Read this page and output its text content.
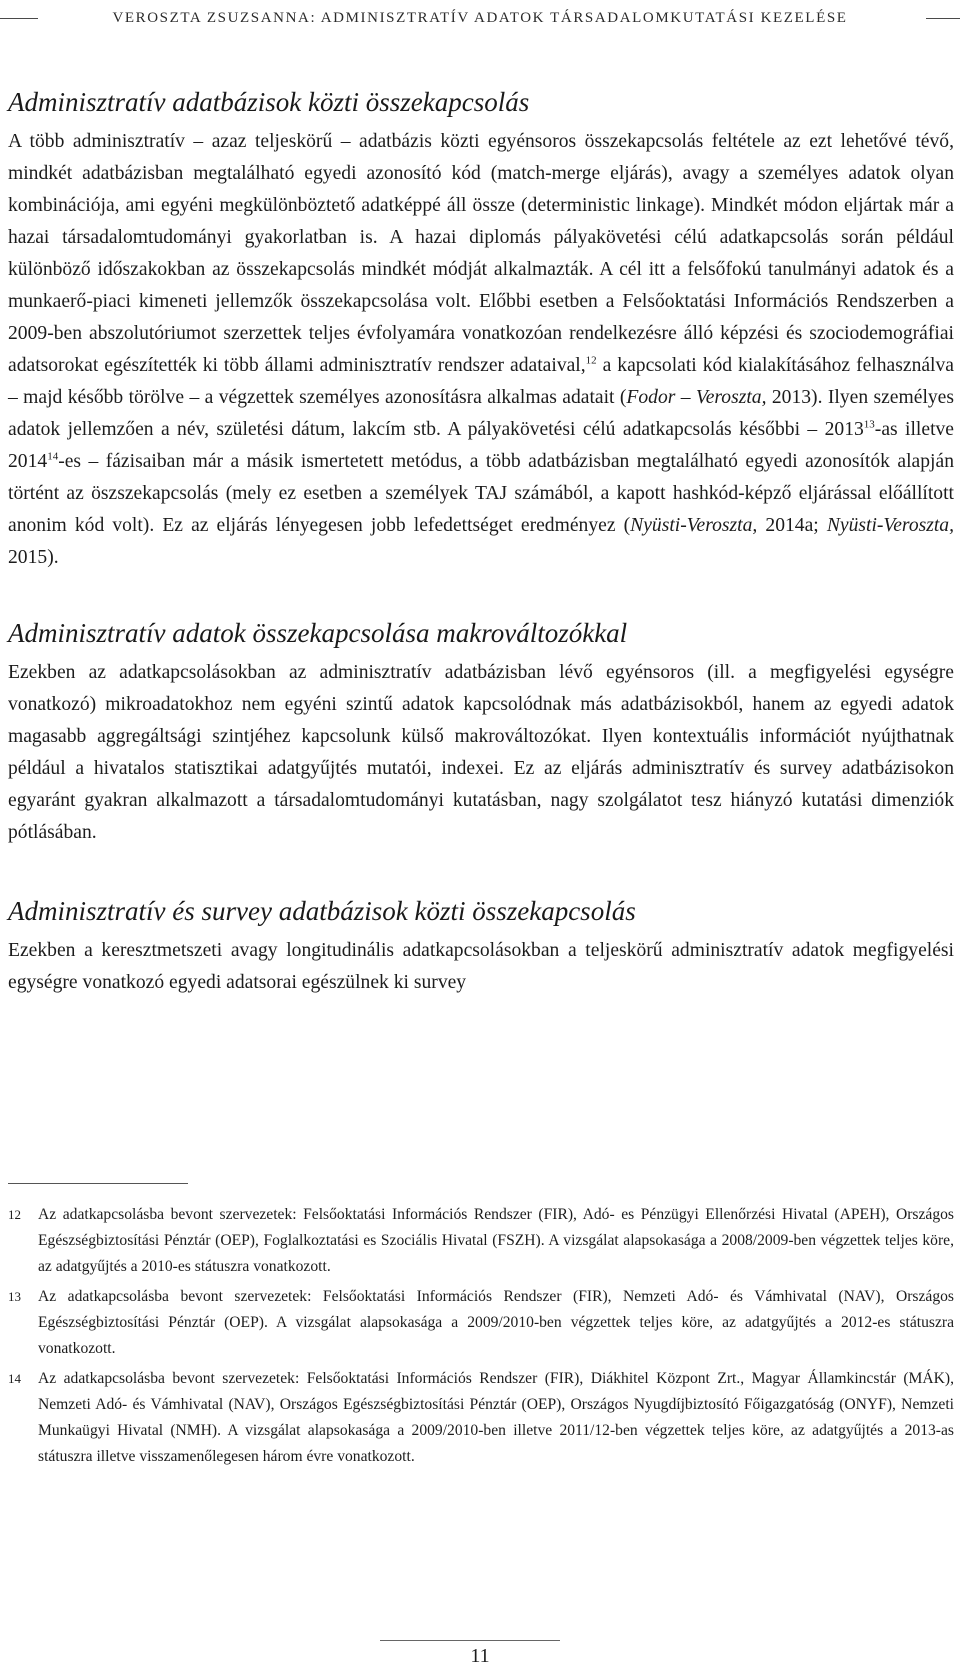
VEROSZTA ZSUZSANNA: ADMINISZTRATÍV ADATOK TÁRSADALOMKUTATÁSI KEZELÉSE
Adminisztratív adatbázisok közti összekapcsolás

A több adminisztratív – azaz teljeskörű – adatbázis közti egyénsoros összekapcsolás feltétele az ezt lehetővé tévő, mindkét adatbázisban megtalálható egyedi azonosító kód (match-merge eljárás), avagy a személyes adatok olyan kombinációja, ami egyéni megkülönböztető adatképpé áll össze (deterministic linkage). Mindkét módon eljártak már a hazai társadalomtudományi gyakorlatban is. A hazai diplomás pályakövetési célú adatkapcsolás során például különböző időszakokban az összekapcsolás mindkét módját alkalmazták. A cél itt a felsőfokú tanulmányi adatok és a munkaerő-piaci kimeneti jellemzők összekapcsolása volt. Előbbi esetben a Felsőoktatási Információs Rendszerben a 2009-ben abszolutóriumot szerzettek teljes évfolyamára vonatkozóan rendelkezésre álló képzési és szociodemográfiai adatsorokat egészítették ki több állami adminisztratív rendszer adataival,$^{12}$ a kapcsolati kód kialakításához felhasználva – majd később törölve – a végzettek személyes azonosításra alkalmas adatait (Fodor – Veroszta, 2013). Ilyen személyes adatok jellemzően a név, születési dátum, lakcím stb. A pályakövetési célú adatkapcsolás későbbi – 2013$^{13}$-as illetve 2014$^{14}$-es – fázisaiban már a másik ismertetett metódus, a több adatbázisban megtalálható egyedi azonosítók alapján történt az öszszekapcsolás (mely ez esetben a személyek TAJ számából, a kapott hashkód-képző eljárással előállított anonim kód volt). Ez az eljárás lényegesen jobb lefedettséget eredményez (Nyüsti-Veroszta, 2014a; Nyüsti-Veroszta, 2015).

Adminisztratív adatok összekapcsolása makrováltozókkal

Ezekben az adatkapcsolásokban az adminisztratív adatbázisban lévő egyénsoros (ill. a megfigyelési egységre vonatkozó) mikroadatokhoz nem egyéni szintű adatok kapcsolódnak más adatbázisokból, hanem az egyedi adatok magasabb aggregáltsági szintjéhez kapcsolunk külső makrováltozókat. Ilyen kontextuális információt nyújthatnak például a hivatalos statisztikai adatgyűjtés mutatói, indexei. Ez az eljárás adminisztratív és survey adatbázisokon egyaránt gyakran alkalmazott a társadalomtudományi kutatásban, nagy szolgálatot tesz hiányzó kutatási dimenziók pótlásában.

Adminisztratív és survey adatbázisok közti összekapcsolás

Ezekben a keresztmetszeti avagy longitudinális adatkapcsolásokban a teljeskörű adminisztratív adatok megfigyelési egységre vonatkozó egyedi adatsorai egészülnek ki survey

12 Az adatkapcsolásba bevont szervezetek: Felsőoktatási Információs Rendszer (FIR), Adó- es Pénzügyi Ellenőrzési Hivatal (APEH), Országos Egészségbiztosítási Pénztár (OEP), Foglalkoztatási es Szociális Hivatal (FSZH). A vizsgálat alapsokasága a 2008/2009-ben végzettek teljes köre, az adatgyűjtés a 2010-es státuszra vonatkozott.

13 Az adatkapcsolásba bevont szervezetek: Felsőoktatási Információs Rendszer (FIR), Nemzeti Adó- és Vámhivatal (NAV), Országos Egészségbiztosítási Pénztár (OEP). A vizsgálat alapsokasága a 2009/2010-ben végzettek teljes köre, az adatgyűjtés a 2012-es státuszra vonatkozott.

14 Az adatkapcsolásba bevont szervezetek: Felsőoktatási Információs Rendszer (FIR), Diákhitel Központ Zrt., Magyar Államkincstár (MÁK), Nemzeti Adó- és Vámhivatal (NAV), Országos Egészségbiztosítási Pénztár (OEP), Országos Nyugdíjbiztosító Főigazgatóság (ONYF), Nemzeti Munkaügyi Hivatal (NMH). A vizsgálat alapsokasága a 2009/2010-ben illetve 2011/12-ben végzettek teljes köre, az adatgyűjtés a 2013-as státuszra illetve visszamenőlegesen három évre vonatkozott.

11
